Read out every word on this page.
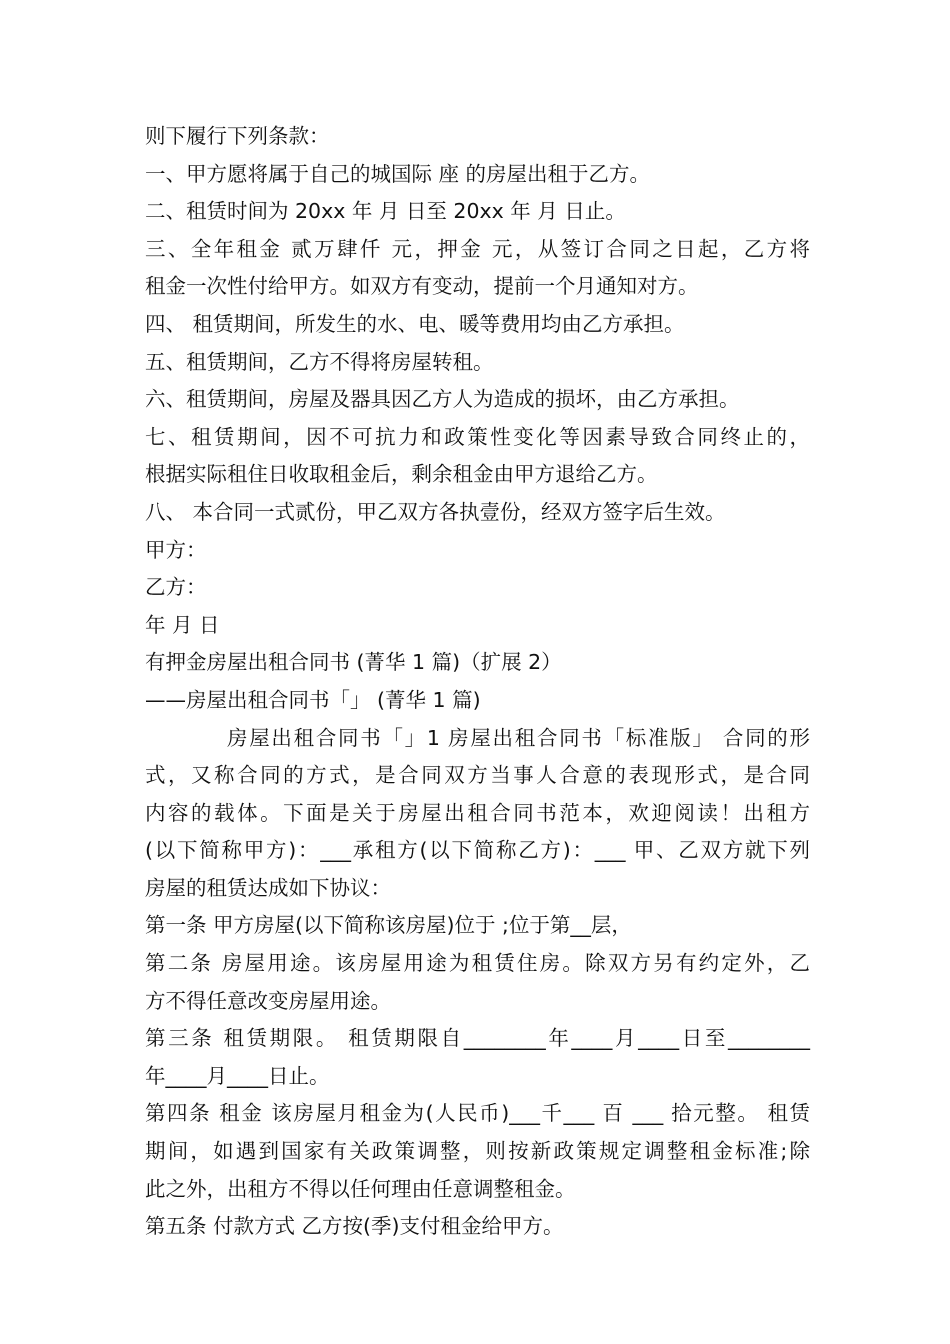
则下履行下列条款：
一、甲方愿将属于自己的城国际 座 的房屋出租于乙方。
二、租赁时间为 20xx 年 月 日至 20xx 年 月 日止。
三、全年租金 贰万肆仟 元，押金 元，从签订合同之日起，乙方将
租金一次性付给甲方。如双方有变动，提前一个月通知对方。
四、 租赁期间，所发生的水、电、暖等费用均由乙方承担。
五、租赁期间，乙方不得将房屋转租。
六、租赁期间，房屋及器具因乙方人为造成的损坏，由乙方承担。
七、租赁期间，因不可抗力和政策性变化等因素导致合同终止的，
根据实际租住日收取租金后，剩余租金由甲方退给乙方。
八、 本合同一式贰份，甲乙双方各执壹份，经双方签字后生效。
甲方：
乙方：
年 月 日
有押金房屋出租合同书 (菁华 1 篇)（扩展 2）
——房屋出租合同书「」 (菁华 1 篇)
房屋出租合同书「」1 房屋出租合同书「标准版」 合同的形
式，又称合同的方式，是合同双方当事人合意的表现形式，是合同
内容的载体。下面是关于房屋出租合同书范本，欢迎阅读！出租方
(以下简称甲方)：___承租方(以下简称乙方)：___ 甲、乙双方就下列
房屋的租赁达成如下协议：
第一条 甲方房屋(以下简称该房屋)位于 ;位于第__层，
第二条 房屋用途。该房屋用途为租赁住房。除双方另有约定外，乙
方不得任意改变房屋用途。
第三条 租赁期限。 租赁期限自________年____月____日至________
年____月____日止。
第四条 租金 该房屋月租金为(人民币)___千___ 百 ___ 拾元整。 租赁
期间，如遇到国家有关政策调整，则按新政策规定调整租金标准;除
此之外，出租方不得以任何理由任意调整租金。
第五条 付款方式 乙方按(季)支付租金给甲方。
